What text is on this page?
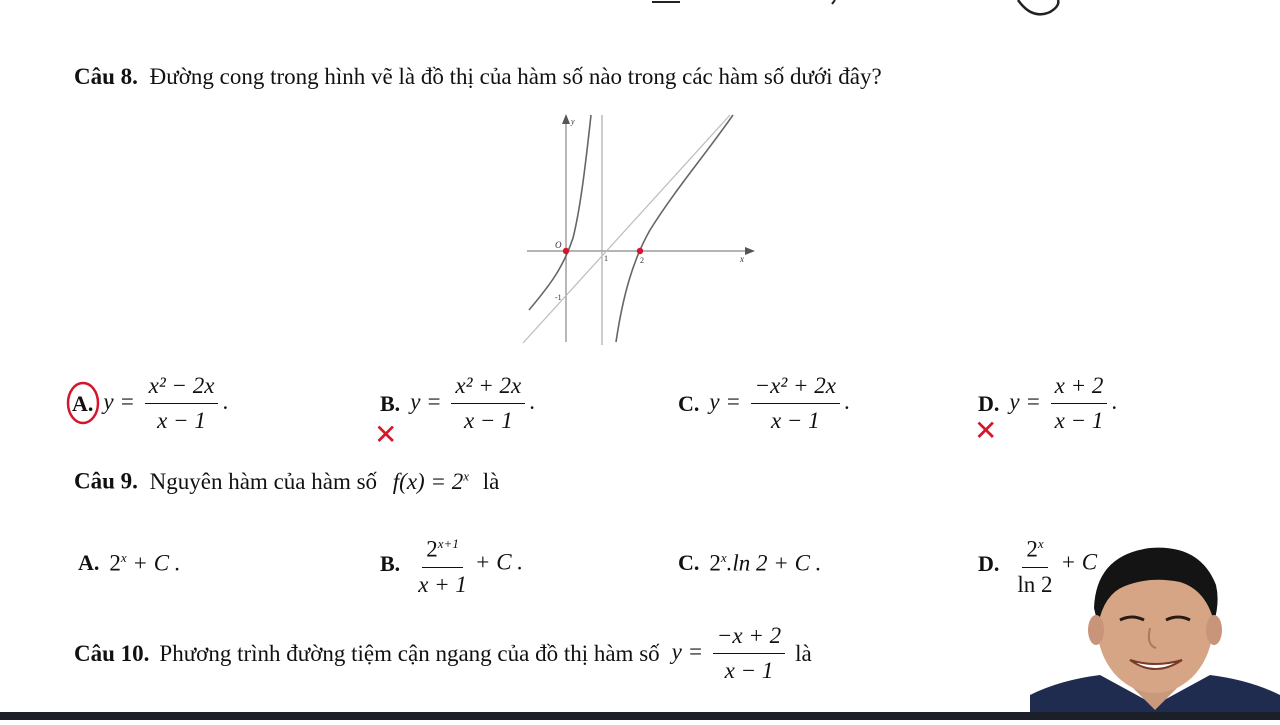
Câu 8. Đường cong trong hình vẽ là đồ thị của hàm số nào trong các hàm số dưới đây?
O
1	2
-1
x
y
A. $y = \frac{\text{x² − 2x}}{x - 1}$ .	B. $y = \frac{\text{x² + 2x}}{x - 1}$ .
✕
C. $y = \frac{\text{−x² + 2x}}{x - 1}$ .	D. $y = \frac{x + 2}{x - 1}$ .
✕
Câu 9. Nguyên hàm của hàm số $f(x) = 2^x$ là
A. $2^x + C$ .	B. $\frac{2^{x+1}}{x + 1} + C$ .	C. 2$^x$.ln 2 + C .	D. $\frac{2^x}{\ln 2} + C$
Câu 10. Phương trình đường tiệm cận ngang của đồ thị hàm số $y = \frac{-x + 2}{x - 1}$ là
